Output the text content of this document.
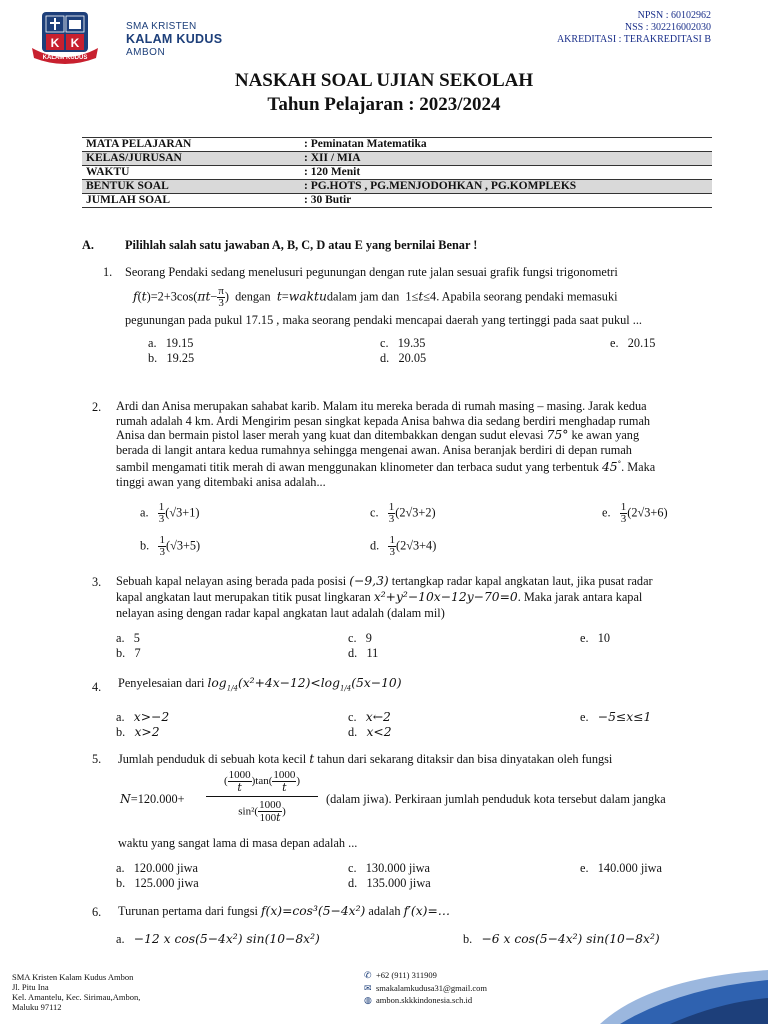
K K
KALAM KUDUS
SMA KRISTEN
KALAM KUDUS
AMBON
NPSN : 60102962
NSS : 302216002030
AKREDITASI : TERAKREDITASI B
NASKAH SOAL UJIAN SEKOLAH
Tahun Pelajaran : 2023/2024
MATA PELAJARAN	: Peminatan Matematika
KELAS/JURUSAN	: XII / MIA
WAKTU	: 120 Menit
BENTUK SOAL	: PG.HOTS , PG.MENJODOHKAN , PG.KOMPLEKS
JUMLAH SOAL	: 30 Butir
A.	Pilihlah salah satu jawaban A, B, C, D atau E yang bernilai Benar !
1. Seorang Pendaki sedang menelusuri pegunungan dengan rute jalan sesuai grafik fungsi trigonometri
$f(t)=2+3\cos(\pi t- \frac{\pi}{3}$ )  dengan t=waktudalam jam dan  1≤t≤4. Apabila seorang pendaki memasuki
pegunungan pada pukul 17.15 , maka seorang pendaki mencapai daerah yang tertinggi pada saat pukul ...
a. 19.15
b. 19.25
c. 19.35
d. 20.05
e. 20.15
2. Ardi dan Anisa merupakan sahabat karib. Malam itu mereka berada di rumah masing – masing. Jarak kedua
rumah adalah 4 km. Ardi Mengirim pesan singkat kepada Anisa bahwa dia sedang berdiri menghadap rumah
Anisa dan bermain pistol laser merah yang kuat dan ditembakkan dengan sudut elevasi 75° ke awan yang
berada di langit antara kedua rumahnya sehingga mengenai awan. Anisa beranjak berdiri di depan rumah
sambil mengamati titik merah di awan menggunakan klinometer dan terbaca sudut yang terbentuk 45°. Maka
tinggi awan yang ditembaki anisa adalah...
a. $\frac{1}{3} (√3+1)$
b. $\frac{1}{3} (√3+5)$
c. $\frac{1}{3} (2√3+2)$
d. $\frac{1}{3} (2√3+4)$
e. $\frac{1}{3} (2√3+6)$
3. Sebuah kapal nelayan asing berada pada posisi (−9,3) tertangkap radar kapal angkatan laut, jika pusat radar
kapal angkatan laut merupakan titik pusat lingkaran x²+y²−10x−12y−70=0. Maka jarak antara kapal
nelayan asing dengan radar kapal angkatan laut adalah (dalam mil)
a. 5
b. 7
c. 9
d. 11
e. 10
4. Penyelesaian dari $\log_{1/4}(x^2+4x-12)<\log_{1/4}(5x-10)$
a. x>−2
b. x>2
c. x←2
d. x<2
e. −5≤x≤1
5. Jumlah penduduk di sebuah kota kecil t tahun dari sekarang ditaksir dan bisa dinyatakan oleh fungsi
N=120.000+
( $\frac{1000}{t} )\tan( \frac{1000}{t}$ )
$\sin^2( \frac{1000}{100t}$ )
(dalam jiwa). Perkiraan jumlah penduduk kota tersebut dalam jangka
waktu yang sangat lama di masa depan adalah ...
a. 120.000 jiwa
b. 125.000 jiwa
c. 130.000 jiwa
d. 135.000 jiwa
e. 140.000 jiwa
6. Turunan pertama dari fungsi f(x)=cos³(5−4x²) adalah f′(x)=…
a. −12 x cos(5−4x²) sin(10−8x²)	b. −6 x cos(5−4x²) sin(10−8x²)
SMA Kristen Kalam Kudus Ambon
Jl. Pitu Ina
Kel. Amantelu, Kec. Sirimau,Ambon,
Maluku 97112
✆ +62 (911) 311909
✉ smakalamkudusa31@gmail.com
◍ ambon.skkkindonesia.sch.id
